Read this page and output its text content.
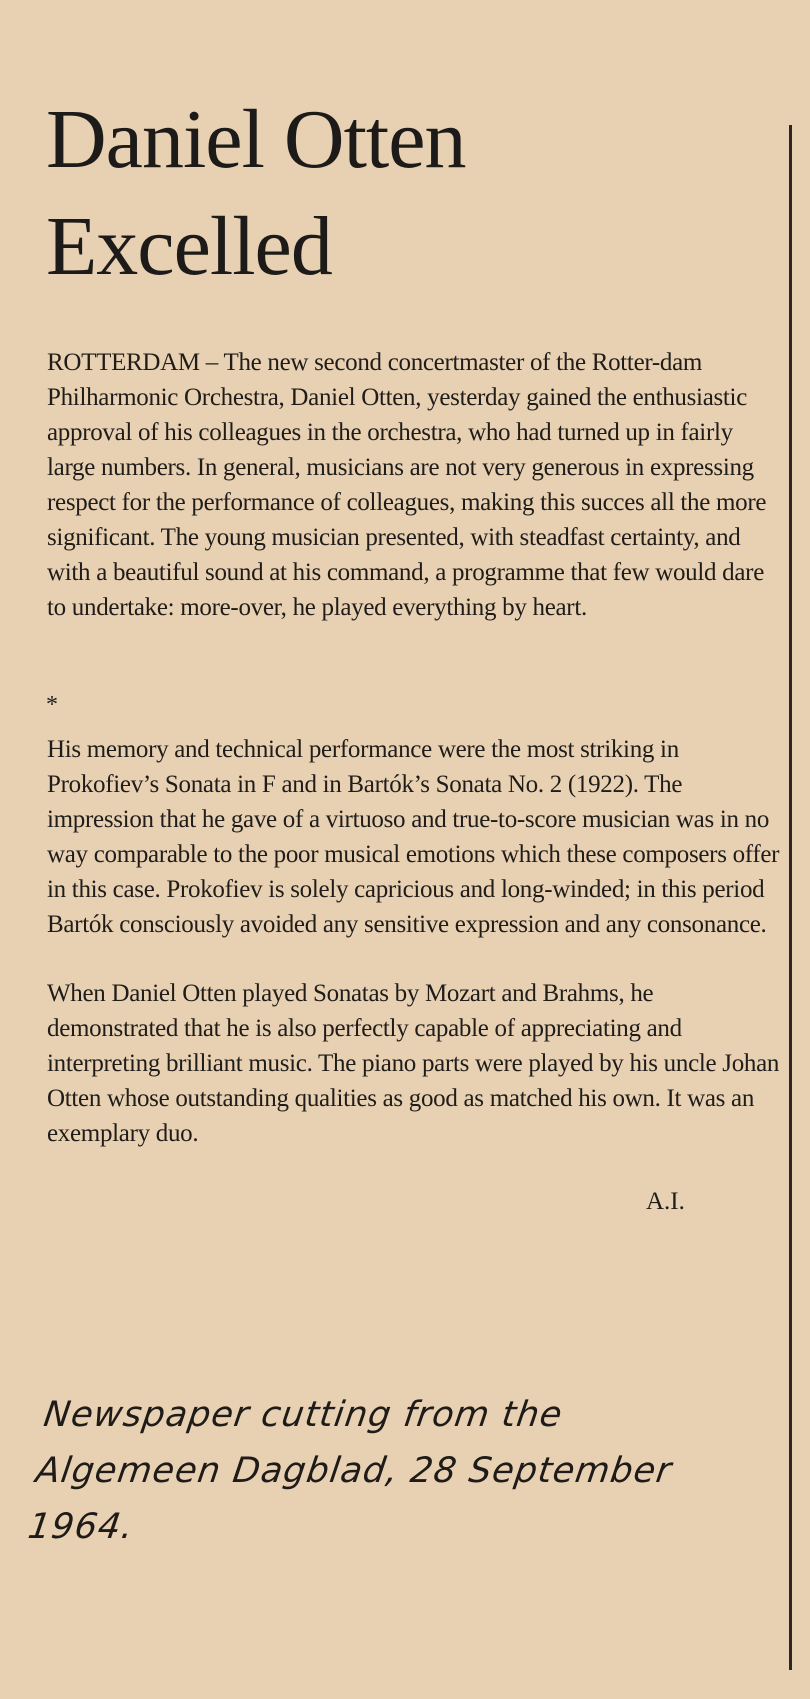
Daniel Otten
Excelled
ROTTERDAM – The new second concertmaster of the Rotter-dam Philharmonic Orchestra, Daniel Otten, yesterday gained the enthusiastic approval of his colleagues in the orchestra, who had turned up in fairly large numbers. In general, musicians are not very generous in expressing respect for the performance of colleagues, making this succes all the more significant. The young musician presented, with steadfast certainty, and with a beautiful sound at his command, a programme that few would dare to undertake: more-over, he played everything by heart.
*
His memory and technical performance were the most striking in Prokofiev’s Sonata in F and in Bartók’s Sonata No. 2 (1922). The impression that he gave of a virtuoso and true-to-score musician was in no way comparable to the poor musical emotions which these composers offer in this case. Prokofiev is solely capricious and long-winded; in this period Bartók consciously avoided any sensitive expression and any consonance.
When Daniel Otten played Sonatas by Mozart and Brahms, he demonstrated that he is also perfectly capable of appreciating and interpreting brilliant music. The piano parts were played by his uncle Johan Otten whose outstanding qualities as good as matched his own. It was an exemplary duo.
A.I.
Newspaper cutting from the Algemeen Dagblad, 28 September 1964.
